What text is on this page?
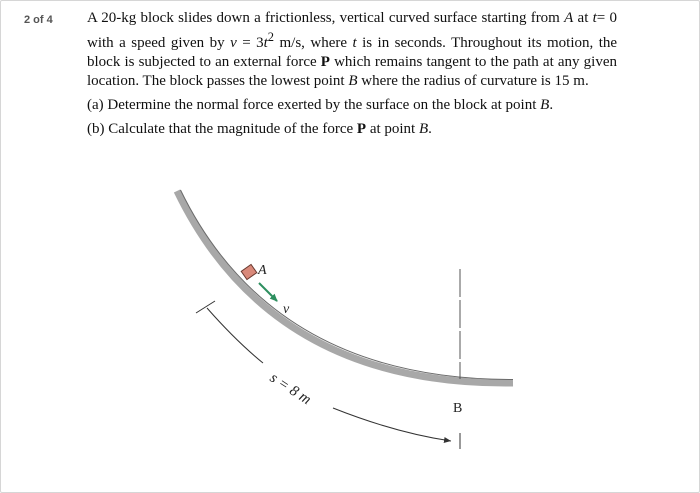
2 of 4 A 20-kg block slides down a frictionless, vertical curved surface starting from A at t= 0 with a speed given by $v = 3t^2$ m/s, where t is in seconds. Throughout its motion, the block is subjected to an external force P which remains tangent to the path at any given location. The block passes the lowest point B where the radius of curvature is 15 m.

(a) Determine the normal force exerted by the surface on the block at point B.

(b) Calculate that the magnitude of the force P at point B.

A
v
s = 8 m
B
